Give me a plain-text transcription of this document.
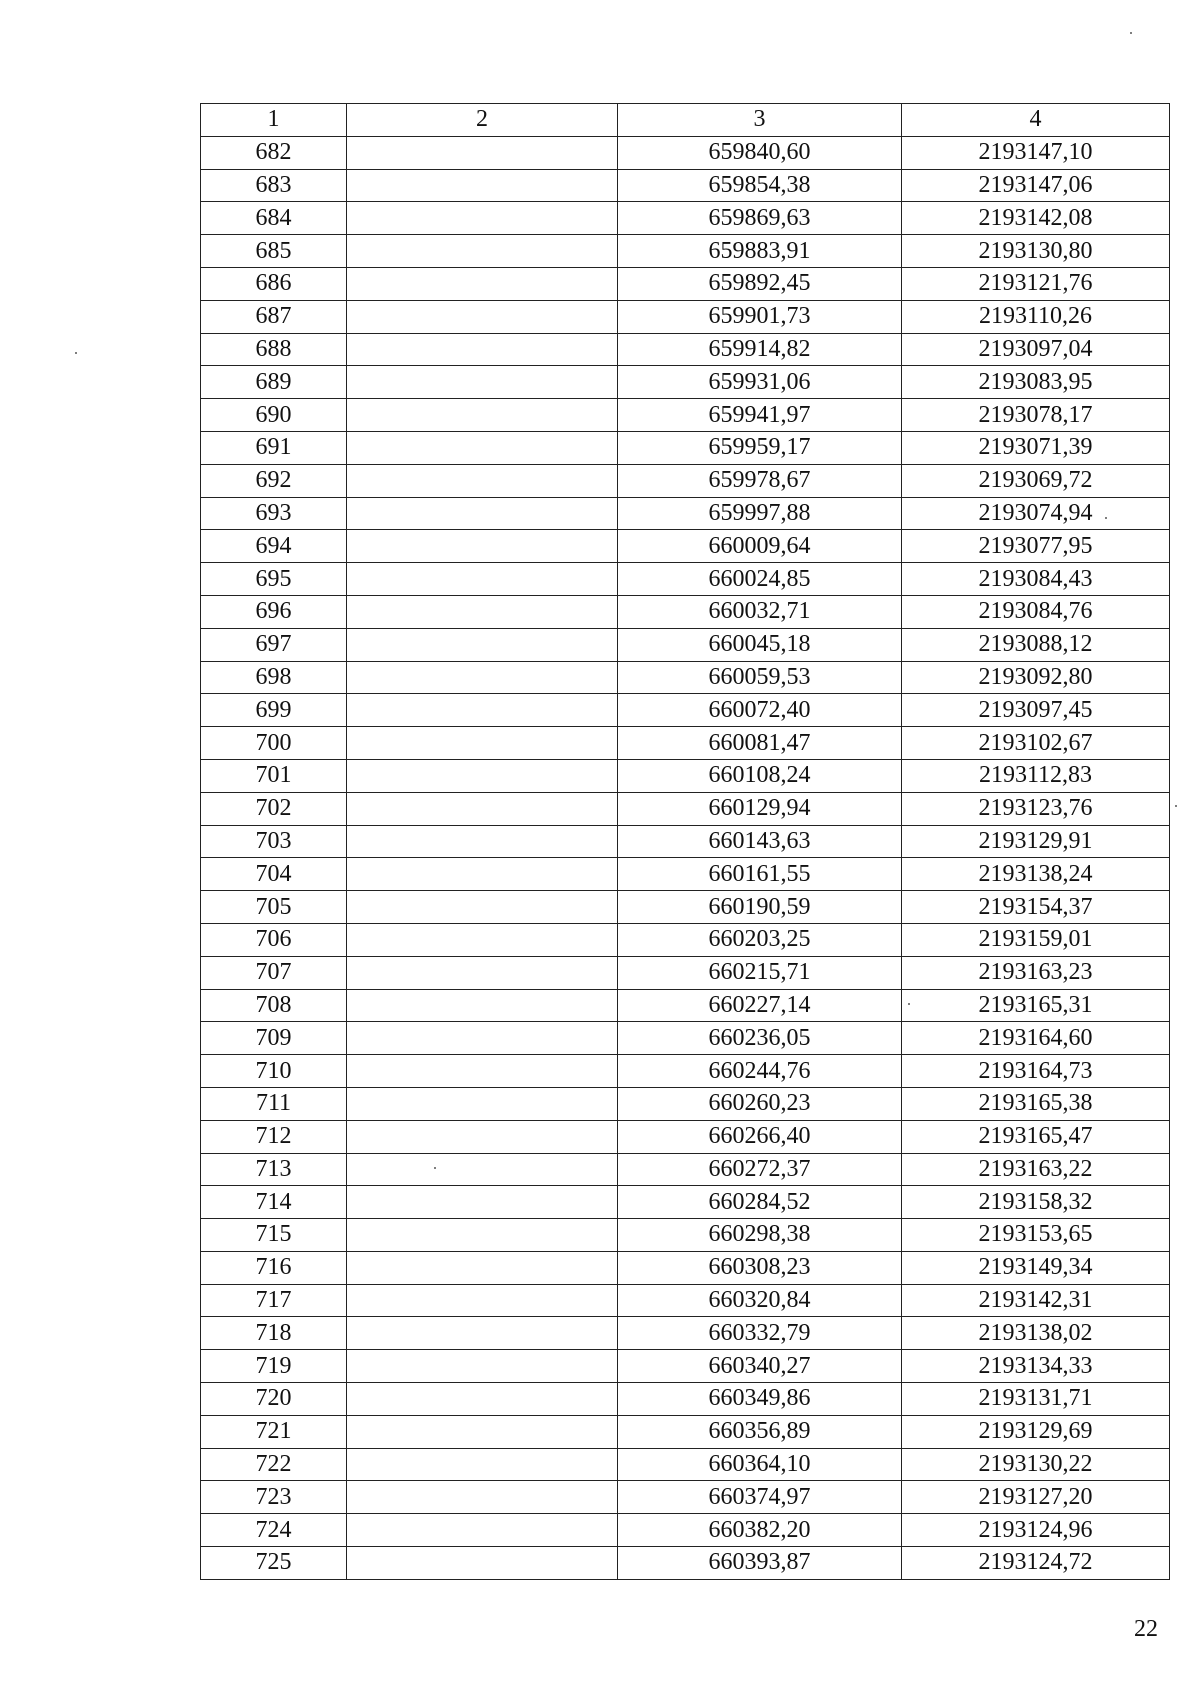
1	2	3	4
682		659840,60	2193147,10
683		659854,38	2193147,06
684		659869,63	2193142,08
685		659883,91	2193130,80
686		659892,45	2193121,76
687		659901,73	2193110,26
688		659914,82	2193097,04
689		659931,06	2193083,95
690		659941,97	2193078,17
691		659959,17	2193071,39
692		659978,67	2193069,72
693		659997,88	2193074,94
694		660009,64	2193077,95
695		660024,85	2193084,43
696		660032,71	2193084,76
697		660045,18	2193088,12
698		660059,53	2193092,80
699		660072,40	2193097,45
700		660081,47	2193102,67
701		660108,24	2193112,83
702		660129,94	2193123,76
703		660143,63	2193129,91
704		660161,55	2193138,24
705		660190,59	2193154,37
706		660203,25	2193159,01
707		660215,71	2193163,23
708		660227,14	2193165,31
709		660236,05	2193164,60
710		660244,76	2193164,73
711		660260,23	2193165,38
712		660266,40	2193165,47
713		660272,37	2193163,22
714		660284,52	2193158,32
715		660298,38	2193153,65
716		660308,23	2193149,34
717		660320,84	2193142,31
718		660332,79	2193138,02
719		660340,27	2193134,33
720		660349,86	2193131,71
721		660356,89	2193129,69
722		660364,10	2193130,22
723		660374,97	2193127,20
724		660382,20	2193124,96
725		660393,87	2193124,72
22
